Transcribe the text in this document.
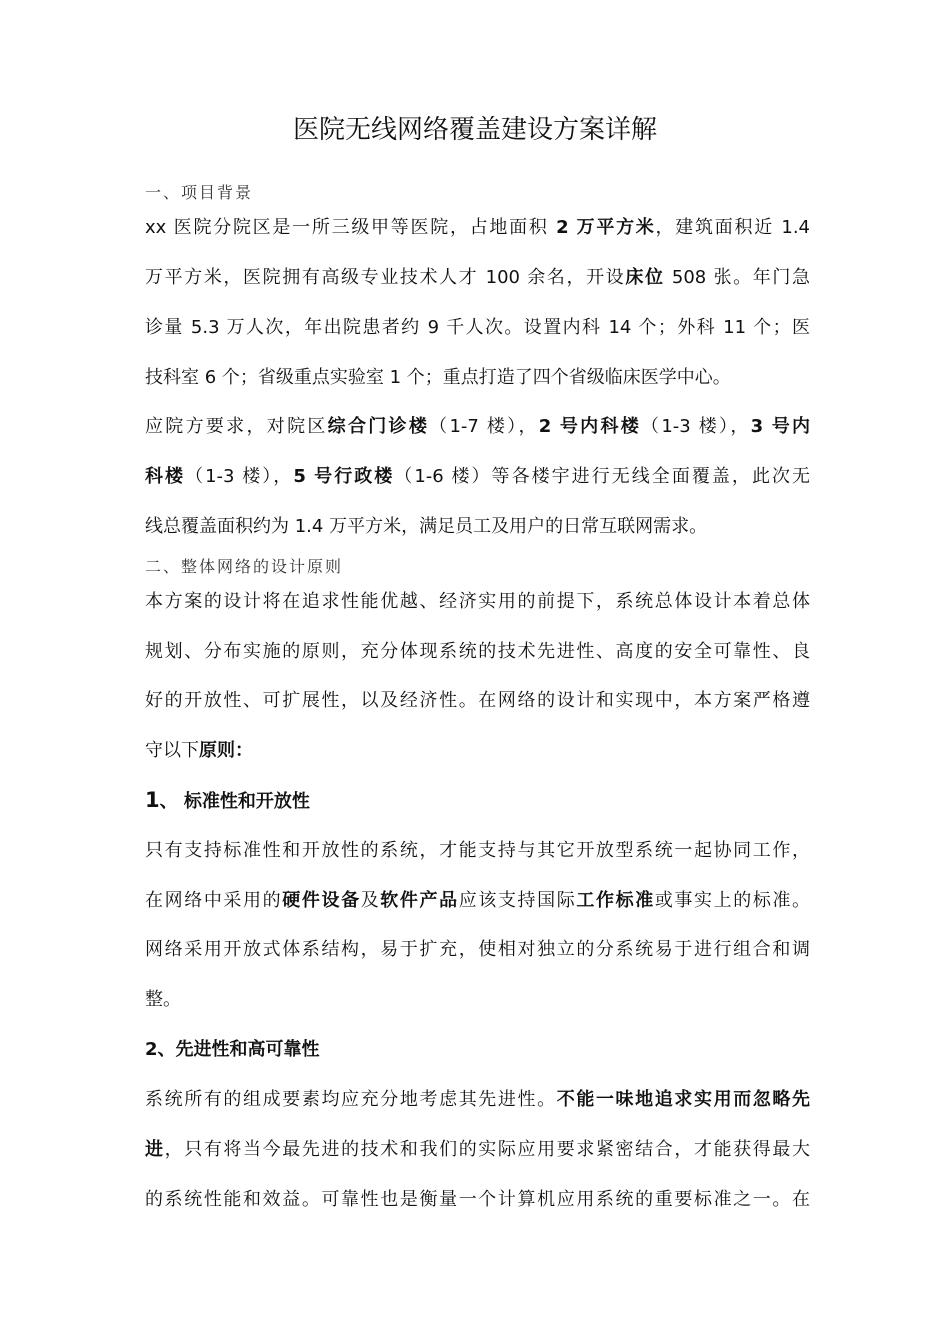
医院无线网络覆盖建设方案详解
一、项目背景
xx 医院分院区是一所三级甲等医院，占地面积 2 万平方米，建筑面积近 1.4
万平方米，医院拥有高级专业技术人才 100 余名，开设床位 508 张。年门急
诊量 5.3 万人次，年出院患者约 9 千人次。设置内科 14 个；外科 11 个；医
技科室 6 个；省级重点实验室 1 个；重点打造了四个省级临床医学中心。
应院方要求，对院区综合门诊楼（1-7 楼），2 号内科楼（1-3 楼），3 号内
科楼（1-3 楼），5 号行政楼（1-6 楼）等各楼宇进行无线全面覆盖，此次无
线总覆盖面积约为 1.4 万平方米，满足员工及用户的日常互联网需求。
二、整体网络的设计原则
本方案的设计将在追求性能优越、经济实用的前提下，系统总体设计本着总体
规划、分布实施的原则，充分体现系统的技术先进性、高度的安全可靠性、良
好的开放性、可扩展性，以及经济性。在网络的设计和实现中，本方案严格遵
守以下原则：
1、 标准性和开放性
只有支持标准性和开放性的系统，才能支持与其它开放型系统一起协同工作，
在网络中采用的硬件设备及软件产品应该支持国际工作标准或事实上的标准。
网络采用开放式体系结构，易于扩充，使相对独立的分系统易于进行组合和调
整。
2、先进性和高可靠性
系统所有的组成要素均应充分地考虑其先进性。不能一味地追求实用而忽略先
进，只有将当今最先进的技术和我们的实际应用要求紧密结合，才能获得最大
的系统性能和效益。可靠性也是衡量一个计算机应用系统的重要标准之一。在
